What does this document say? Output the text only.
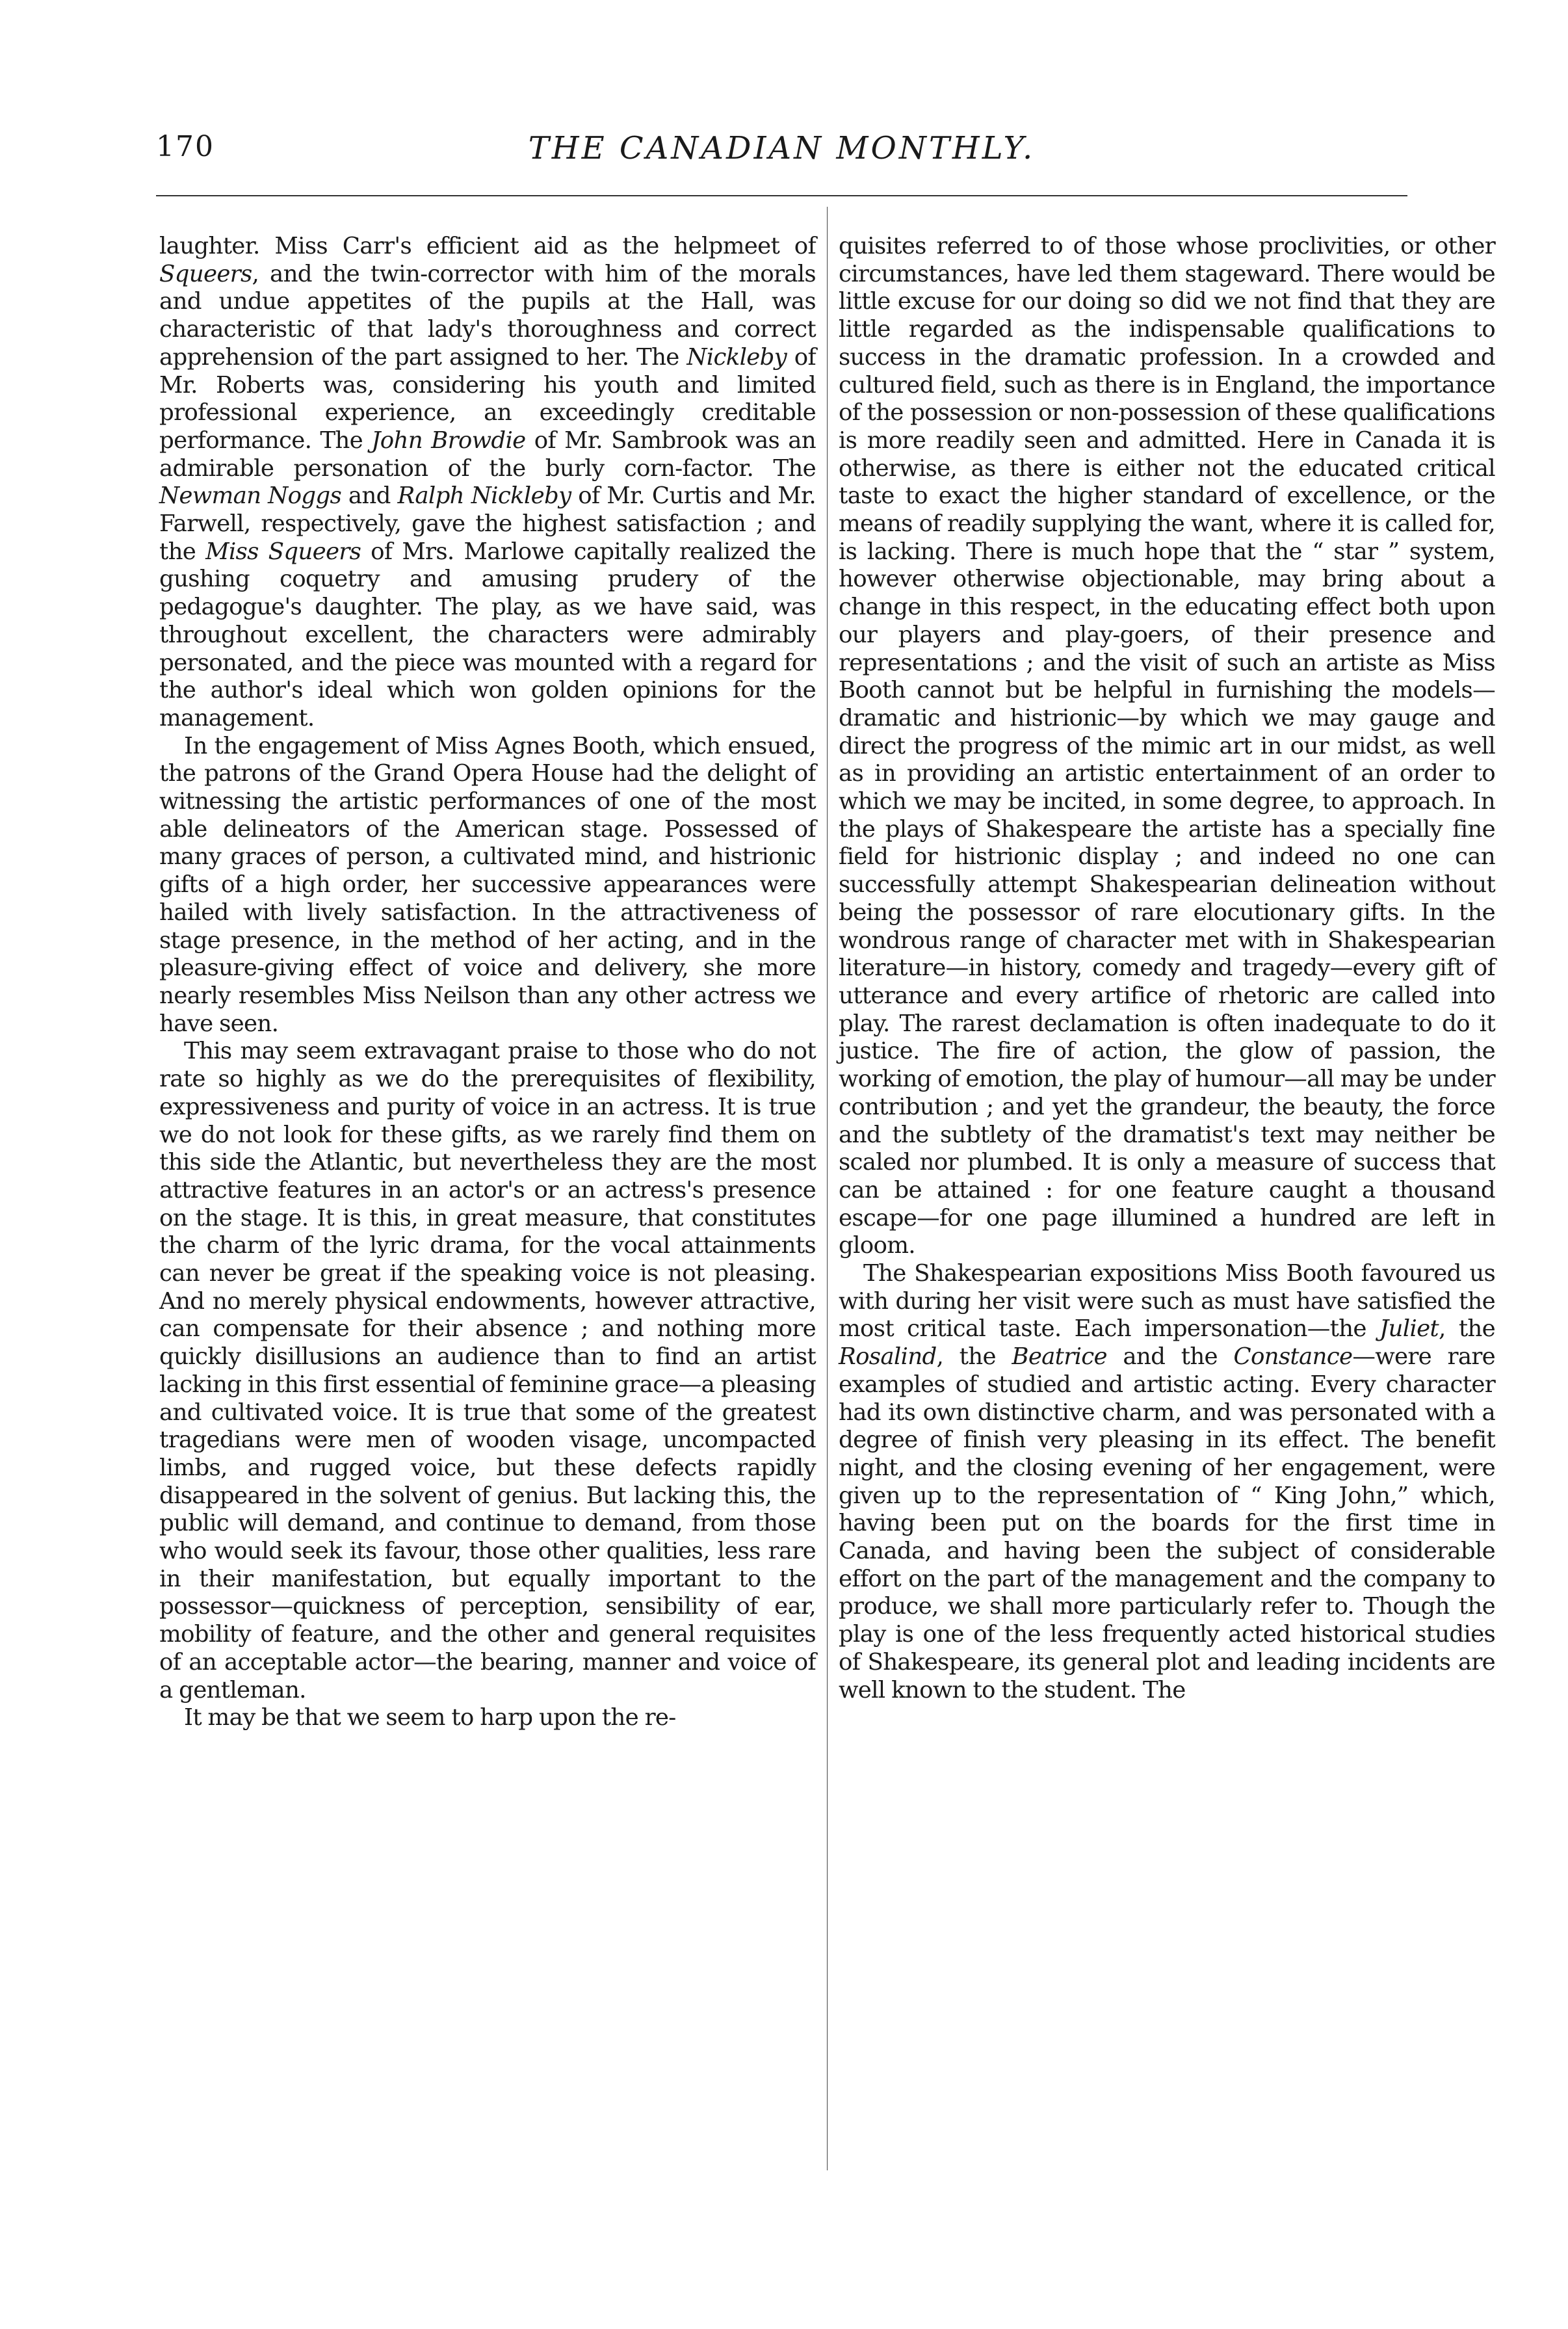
170	THE CANADIAN MONTHLY.

laughter. Miss Carr's efficient aid as the helpmeet of Squeers, and the twin-corrector with him of the morals and undue appetites of the pupils at the Hall, was characteristic of that lady's thoroughness and correct apprehension of the part assigned to her. The Nickleby of Mr. Roberts was, considering his youth and limited professional experience, an exceedingly creditable performance. The John Browdie of Mr. Sambrook was an admirable personation of the burly corn-factor. The Newman Noggs and Ralph Nickleby of Mr. Curtis and Mr. Farwell, respectively, gave the highest satisfaction ; and the Miss Squeers of Mrs. Marlowe capitally realized the gushing coquetry and amusing prudery of the pedagogue's daughter. The play, as we have said, was throughout excellent, the characters were admirably personated, and the piece was mounted with a regard for the author's ideal which won golden opinions for the management.

In the engagement of Miss Agnes Booth, which ensued, the patrons of the Grand Opera House had the delight of witnessing the artistic performances of one of the most able delineators of the American stage. Possessed of many graces of person, a cultivated mind, and histrionic gifts of a high order, her successive appearances were hailed with lively satisfaction. In the attractiveness of stage presence, in the method of her acting, and in the pleasure-giving effect of voice and delivery, she more nearly resembles Miss Neilson than any other actress we have seen.

This may seem extravagant praise to those who do not rate so highly as we do the prerequisites of flexibility, expressiveness and purity of voice in an actress. It is true we do not look for these gifts, as we rarely find them on this side the Atlantic, but nevertheless they are the most attractive features in an actor's or an actress's presence on the stage. It is this, in great measure, that constitutes the charm of the lyric drama, for the vocal attainments can never be great if the speaking voice is not pleasing. And no merely physical endowments, however attractive, can compensate for their absence ; and nothing more quickly disillusions an audience than to find an artist lacking in this first essential of feminine grace—a pleasing and cultivated voice. It is true that some of the greatest tragedians were men of wooden visage, uncompacted limbs, and rugged voice, but these defects rapidly disappeared in the solvent of genius. But lacking this, the public will demand, and continue to demand, from those who would seek its favour, those other qualities, less rare in their manifestation, but equally important to the possessor—quickness of perception, sensibility of ear, mobility of feature, and the other and general requisites of an acceptable actor—the bearing, manner and voice of a gentleman.

It may be that we seem to harp upon the re-

quisites referred to of those whose proclivities, or other circumstances, have led them stageward. There would be little excuse for our doing so did we not find that they are little regarded as the indispensable qualifications to success in the dramatic profession. In a crowded and cultured field, such as there is in England, the importance of the possession or non-possession of these qualifications is more readily seen and admitted. Here in Canada it is otherwise, as there is either not the educated critical taste to exact the higher standard of excellence, or the means of readily supplying the want, where it is called for, is lacking. There is much hope that the “ star ” system, however otherwise objectionable, may bring about a change in this respect, in the educating effect both upon our players and play-goers, of their presence and representations ; and the visit of such an artiste as Miss Booth cannot but be helpful in furnishing the models—dramatic and histrionic—by which we may gauge and direct the progress of the mimic art in our midst, as well as in providing an artistic entertainment of an order to which we may be incited, in some degree, to approach. In the plays of Shakespeare the artiste has a specially fine field for histrionic display ; and indeed no one can successfully attempt Shakespearian delineation without being the possessor of rare elocutionary gifts. In the wondrous range of character met with in Shakespearian literature—in history, comedy and tragedy—every gift of utterance and every artifice of rhetoric are called into play. The rarest declamation is often inadequate to do it justice. The fire of action, the glow of passion, the working of emotion, the play of humour—all may be under contribution ; and yet the grandeur, the beauty, the force and the subtlety of the dramatist's text may neither be scaled nor plumbed. It is only a measure of success that can be attained : for one feature caught a thousand escape—for one page illumined a hundred are left in gloom.

The Shakespearian expositions Miss Booth favoured us with during her visit were such as must have satisfied the most critical taste. Each impersonation—the Juliet, the Rosalind, the Beatrice and the Constance—were rare examples of studied and artistic acting. Every character had its own distinctive charm, and was personated with a degree of finish very pleasing in its effect. The benefit night, and the closing evening of her engagement, were given up to the representation of “ King John,” which, having been put on the boards for the first time in Canada, and having been the subject of considerable effort on the part of the management and the company to produce, we shall more particularly refer to. Though the play is one of the less frequently acted historical studies of Shakespeare, its general plot and leading incidents are well known to the student. The
